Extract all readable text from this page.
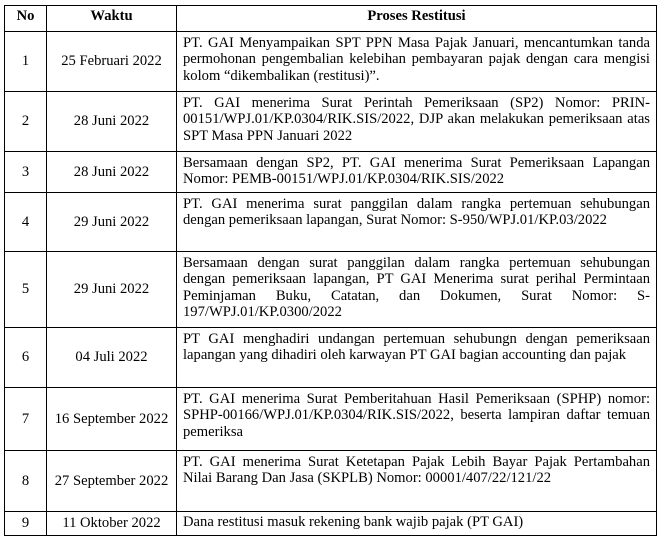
No	Waktu	Proses Restitusi
1	25 Februari 2022	PT. GAI Menyampaikan SPT PPN Masa Pajak Januari, mencantumkan tanda permohonan pengembalian kelebihan pembayaran pajak dengan cara mengisi kolom “dikembalikan (restitusi)”.
2	28 Juni 2022	PT. GAI menerima Surat Perintah Pemeriksaan (SP2) Nomor: PRIN-00151/WPJ.01/KP.0304/RIK.SIS/2022, DJP akan melakukan pemeriksaan atas SPT Masa PPN Januari 2022
3	28 Juni 2022	Bersamaan dengan SP2, PT. GAI menerima Surat Pemeriksaan Lapangan Nomor: PEMB-00151/WPJ.01/KP.0304/RIK.SIS/2022
4	29 Juni 2022	PT. GAI menerima surat panggilan dalam rangka pertemuan sehubungan dengan pemeriksaan lapangan, Surat Nomor: S-950/WPJ.01/KP.03/2022
5	29 Juni 2022	Bersamaan dengan surat panggilan dalam rangka pertemuan sehubungan dengan pemeriksaan lapangan, PT GAI Menerima surat perihal Permintaan Peminjaman Buku, Catatan, dan Dokumen, Surat Nomor: S-197/WPJ.01/KP.0300/2022
6	04 Juli 2022	PT GAI menghadiri undangan pertemuan sehubungn dengan pemeriksaan lapangan yang dihadiri oleh karwayan PT GAI bagian accounting dan pajak
7	16 September 2022	PT. GAI menerima Surat Pemberitahuan Hasil Pemeriksaan (SPHP) nomor: SPHP-00166/WPJ.01/KP.0304/RIK.SIS/2022, beserta lampiran daftar temuan pemeriksa
8	27 September 2022	PT. GAI menerima Surat Ketetapan Pajak Lebih Bayar Pajak Pertambahan Nilai Barang Dan Jasa (SKPLB) Nomor: 00001/407/22/121/22
9	11 Oktober 2022	Dana restitusi masuk rekening bank wajib pajak (PT GAI)
